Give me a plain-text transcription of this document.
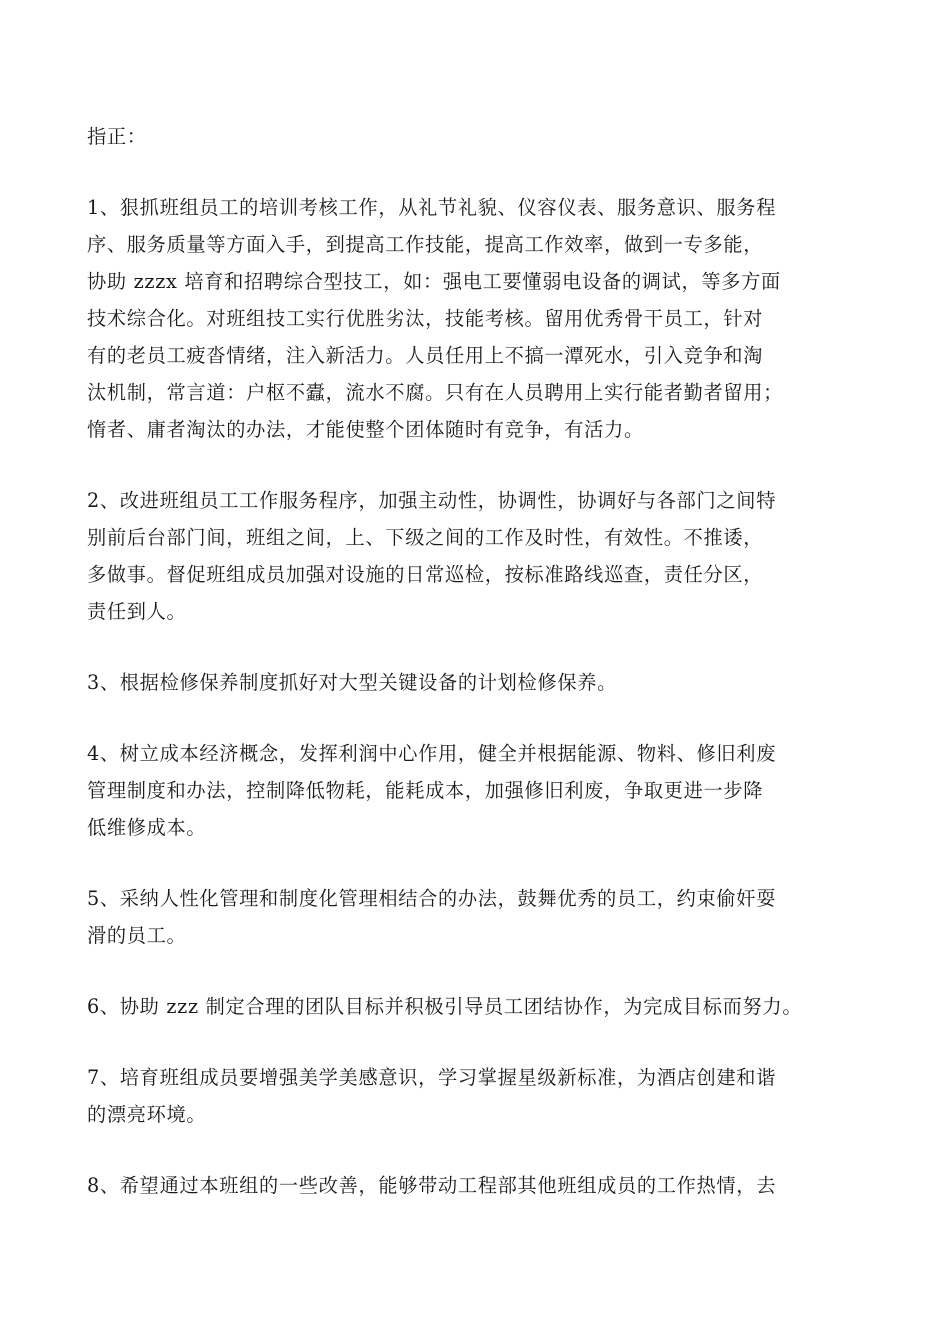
指正：
1、狠抓班组员工的培训考核工作，从礼节礼貌、仪容仪表、服务意识、服务程
序、服务质量等方面入手，到提高工作技能，提高工作效率，做到一专多能，
协助 zzzx 培育和招聘综合型技工，如：强电工要懂弱电设备的调试，等多方面
技术综合化。对班组技工实行优胜劣汰，技能考核。留用优秀骨干员工，针对
有的老员工疲沓情绪，注入新活力。人员任用上不搞一潭死水，引入竞争和淘
汰机制，常言道：户枢不蠹，流水不腐。只有在人员聘用上实行能者勤者留用；
惰者、庸者淘汰的办法，才能使整个团体随时有竞争，有活力。
2、改进班组员工工作服务程序，加强主动性，协调性，协调好与各部门之间特
别前后台部门间，班组之间，上、下级之间的工作及时性，有效性。不推诿，
多做事。督促班组成员加强对设施的日常巡检，按标准路线巡查，责任分区，
责任到人。
3、根据检修保养制度抓好对大型关键设备的计划检修保养。
4、树立成本经济概念，发挥利润中心作用，健全并根据能源、物料、修旧利废
管理制度和办法，控制降低物耗，能耗成本，加强修旧利废，争取更进一步降
低维修成本。
5、采纳人性化管理和制度化管理相结合的办法，鼓舞优秀的员工，约束偷奸耍
滑的员工。
6、协助 zzz 制定合理的团队目标并积极引导员工团结协作，为完成目标而努力。
7、培育班组成员要增强美学美感意识，学习掌握星级新标准，为酒店创建和谐
的漂亮环境。
8、希望通过本班组的一些改善，能够带动工程部其他班组成员的工作热情，去
